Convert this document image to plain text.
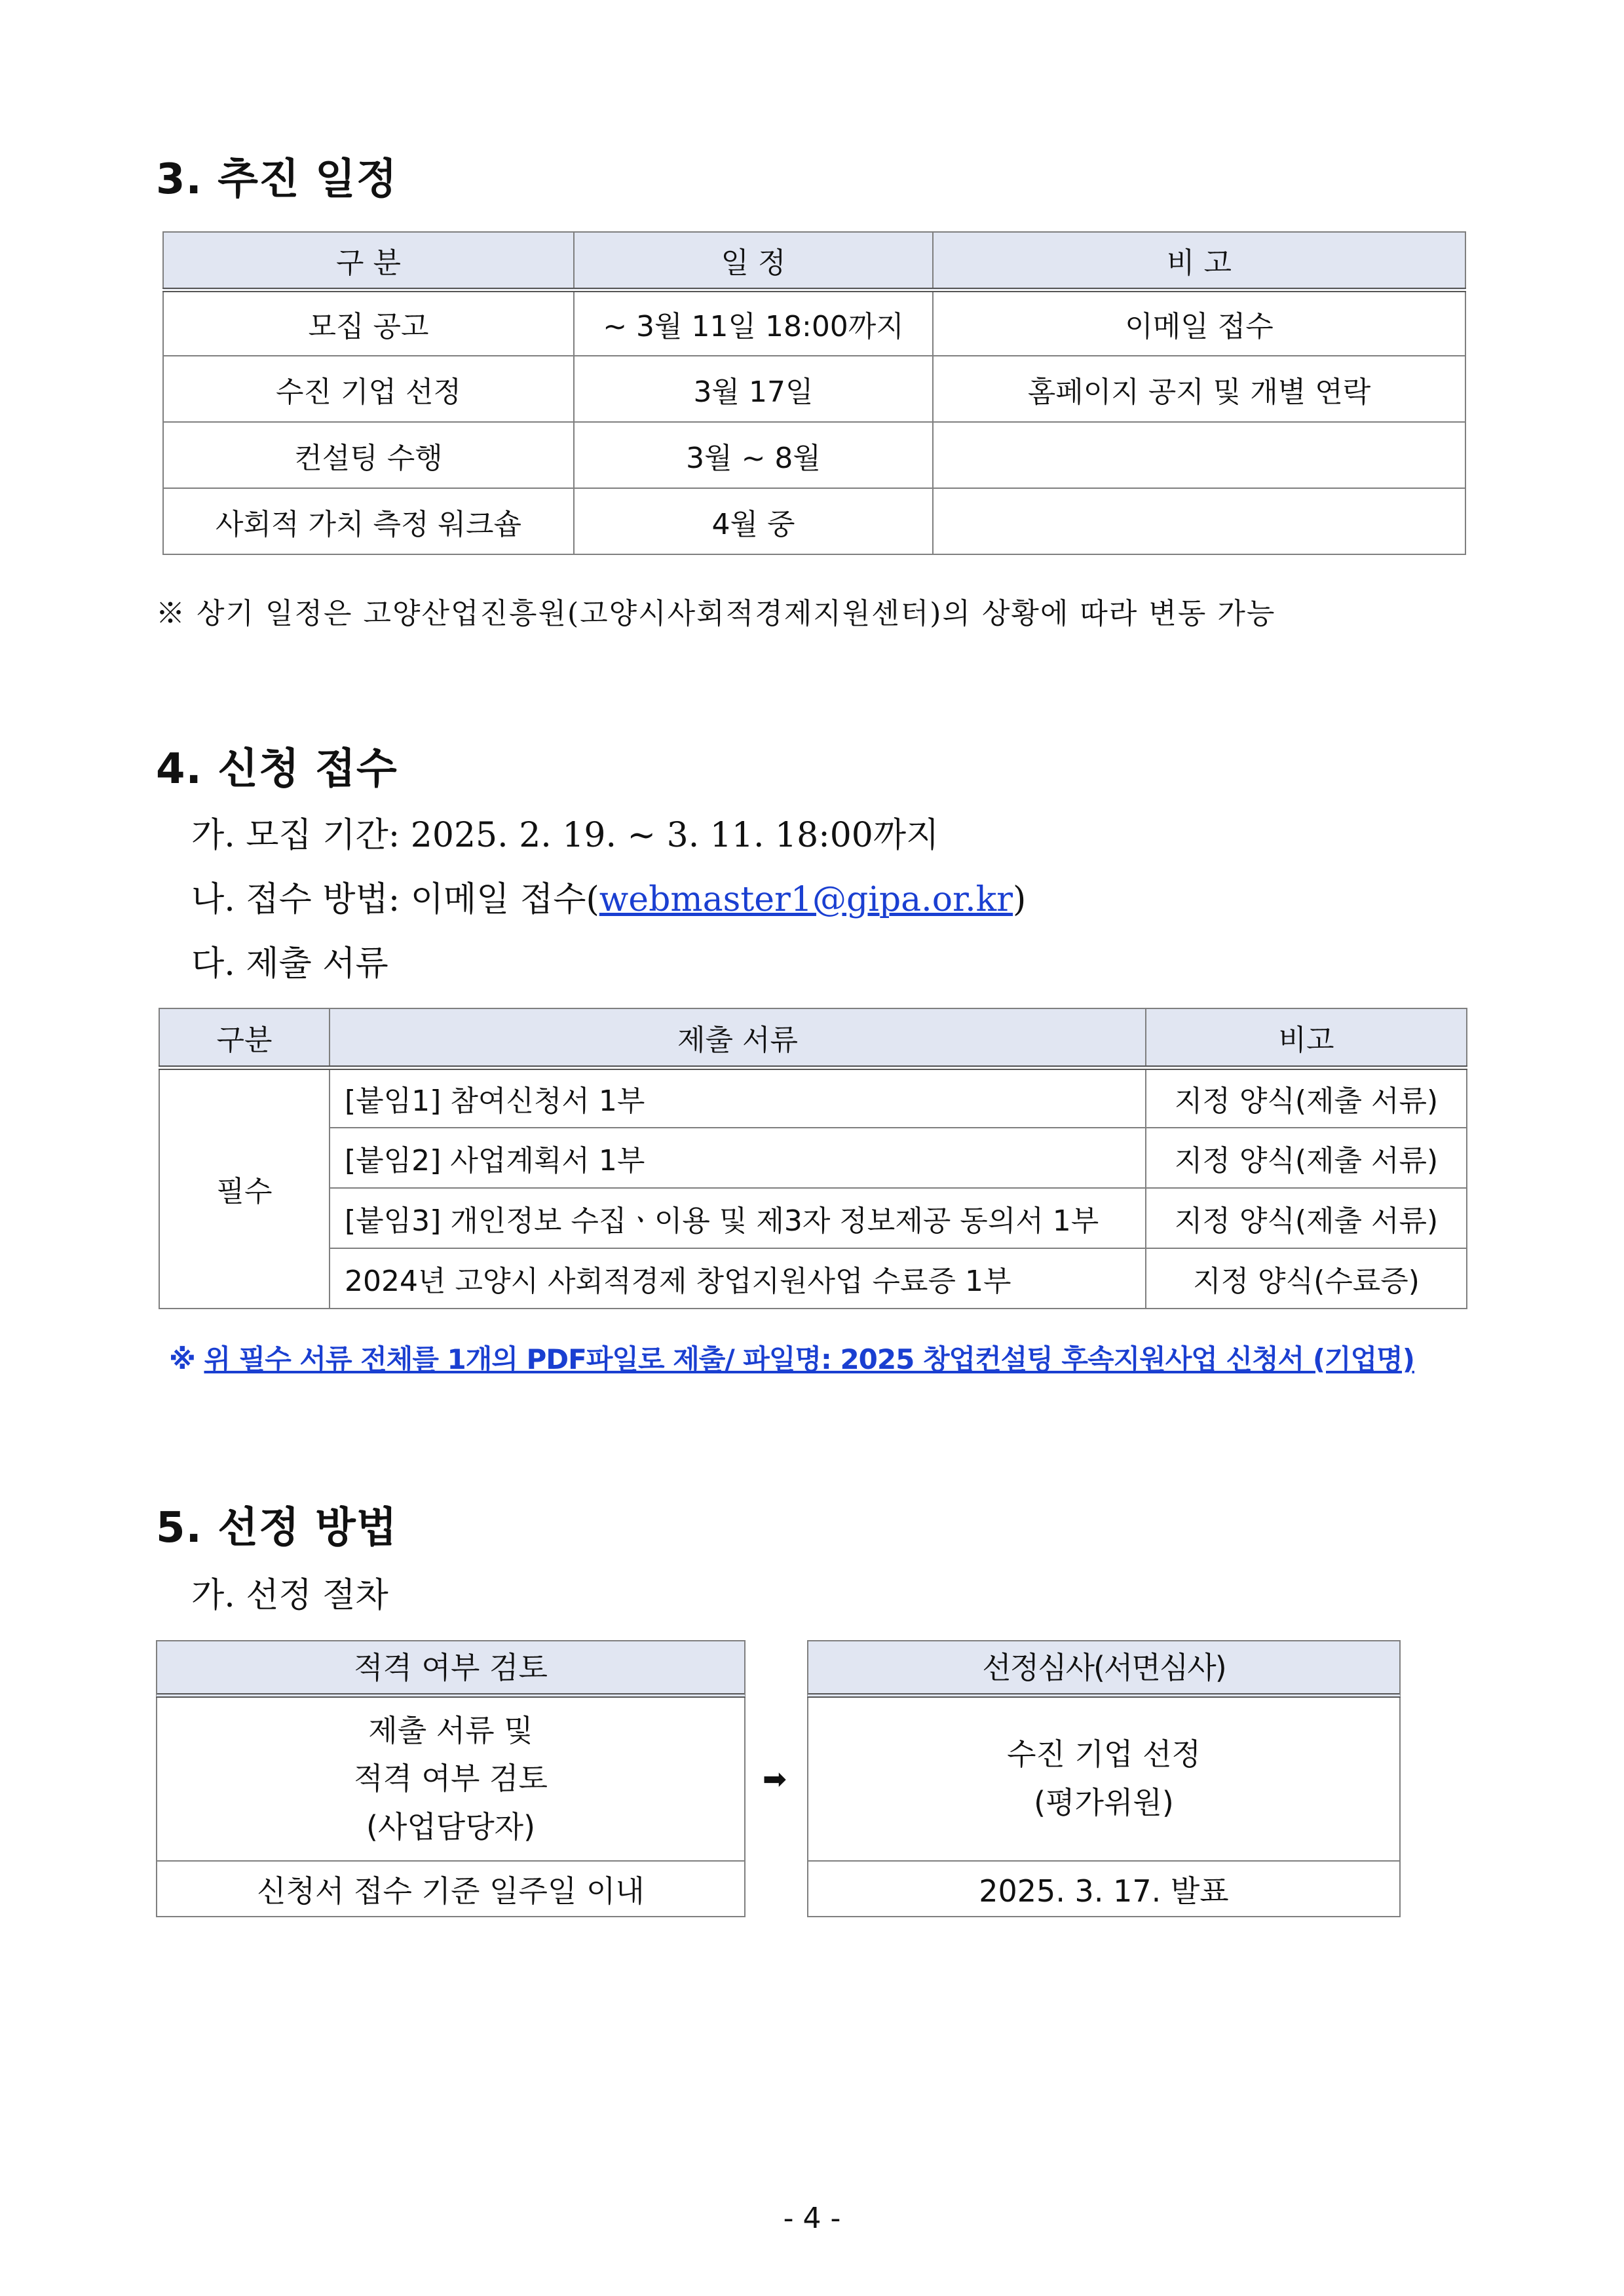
3. 추진 일정
구 분	일 정	비 고
모집 공고	~ 3월 11일 18:00까지	이메일 접수
수진 기업 선정	3월 17일	홈페이지 공지 및 개별 연락
컨설팅 수행	3월 ~ 8월	
사회적 가치 측정 워크숍	4월 중	
※ 상기 일정은 고양산업진흥원(고양시사회적경제지원센터)의 상황에 따라 변동 가능
4. 신청 접수
가. 모집 기간: 2025. 2. 19. ~ 3. 11. 18:00까지
나. 접수 방법: 이메일 접수(webmaster1@gipa.or.kr)
다. 제출 서류
구분	제출 서류	비고
필수	[붙임1] 참여신청서 1부	지정 양식(제출 서류)
	[붙임2] 사업계획서 1부	지정 양식(제출 서류)
	[붙임3] 개인정보 수집ㆍ이용 및 제3자 정보제공 동의서 1부	지정 양식(제출 서류)
	2024년 고양시 사회적경제 창업지원사업 수료증 1부	지정 양식(수료증)
※ 위 필수 서류 전체를 1개의 PDF파일로 제출/ 파일명: 2025 창업컨설팅 후속지원사업 신청서 (기업명)
5. 선정 방법
가. 선정 절차
적격 여부 검토
제출 서류 및
적격 여부 검토
(사업담당자)
신청서 접수 기준 일주일 이내
➡
선정심사(서면심사)
수진 기업 선정
(평가위원)
2025. 3. 17. 발표
- 4 -
